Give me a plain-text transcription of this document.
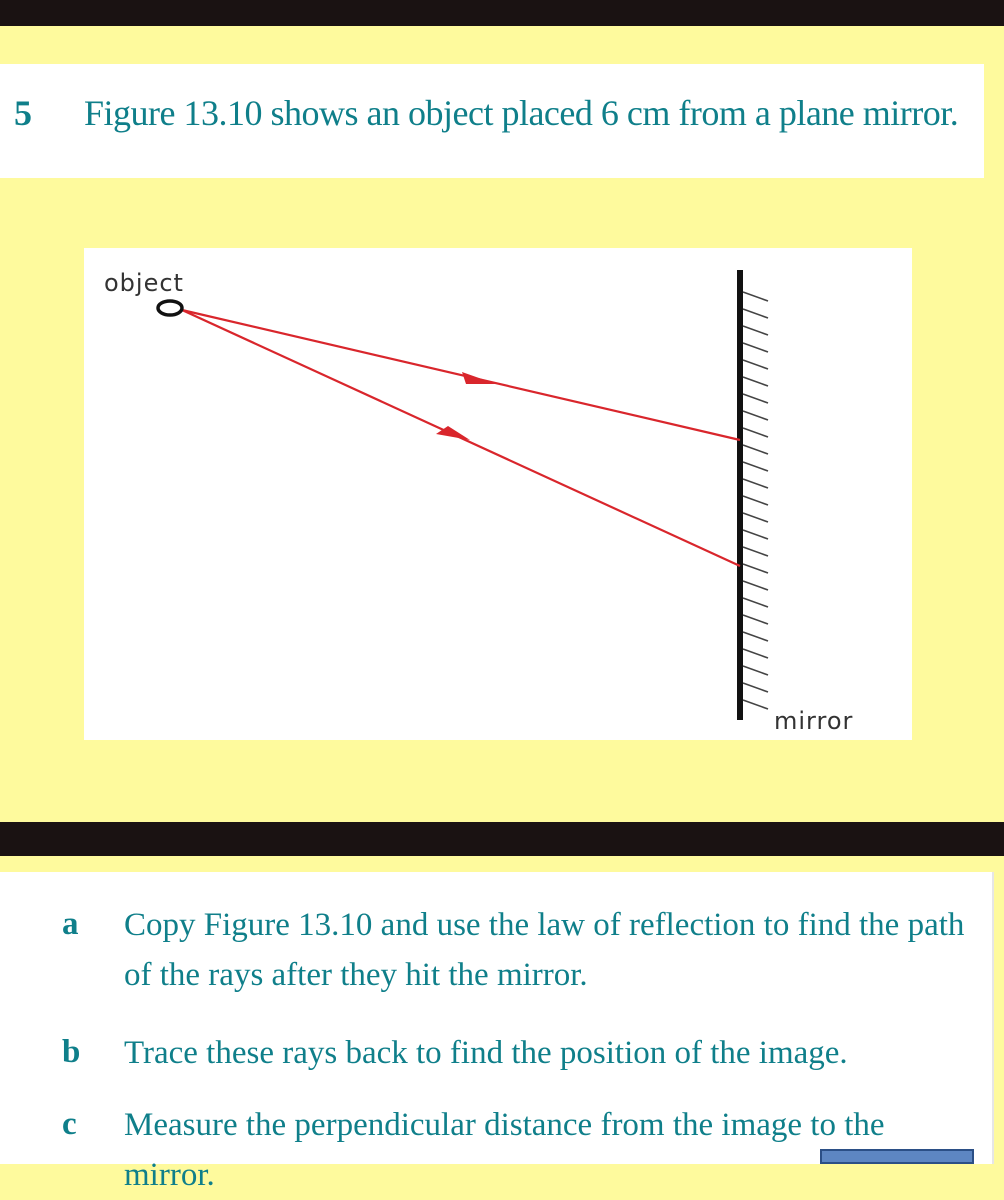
5 Figure 13.10 shows an object placed 6 cm from a plane mirror.
object
mirror
a Copy Figure 13.10 and use the law of reflection to find the path of the rays after they hit the mirror.
b Trace these rays back to find the position of the image.
c Measure the perpendicular distance from the image to the mirror.
